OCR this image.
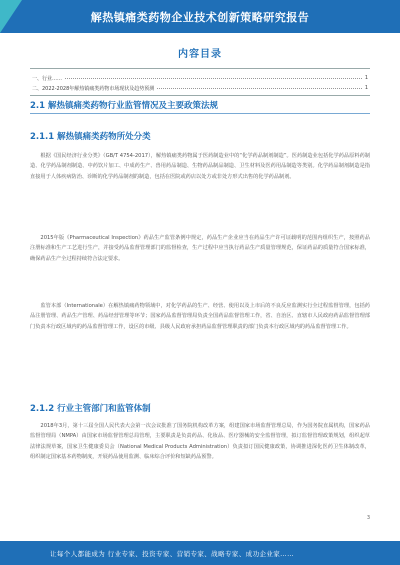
解热镇痛类药物企业技术创新策略研究报告
内容目录
一、行业……	1
二、2022-2028年解热镇痛类药物市场现状及趋势预测	1
2.1 解热镇痛类药物行业监管情况及主要政策法规
2.1.1 解热镇痛类药物所处分类
根据《国民经济行业分类》（GB/T 4754-2017），解热镇痛类药物属于医药制造业中的“化学药品制剂制造”。医药制造业包括化学药品原料药制造、化学药品制剂制造、中药饮片加工、中成药生产、兽用药品制造、生物药品制品制造、卫生材料及医药用品制造等类别。化学药品制剂制造是指直接用于人体疾病防治、诊断的化学药品制剂的制造，包括在医院或药店以处方或非处方形式出售的化学药品制剂。
2015年版《Pharmaceutical Inspection》药品生产监管条例中规定，药品生产企业应当在药品生产许可证载明的范围内组织生产，按照药品注册标准和生产工艺进行生产，并接受药品监督管理部门的监督检查，生产过程中应当执行药品生产质量管理规范，保证药品的质量符合国家标准，确保药品生产全过程持续符合法定要求。
监管本部（Internationale）在解热镇痛药物领域中，对化学药品的生产、经营、使用以及上市后的不良反应监测实行全过程监督管理，包括药品注册管理、药品生产管理、药品经营管理等环节；国家药品监督管理局负责全国药品监督管理工作，省、自治区、直辖市人民政府药品监督管理部门负责本行政区域内的药品监督管理工作，设区的市级、县级人民政府承担药品监督管理职责的部门负责本行政区域内的药品监督管理工作。
2.1.2 行业主管部门和监管体制
2018年3月，第十三届全国人民代表大会第一次会议批准了国务院机构改革方案，组建国家市场监督管理总局，作为国务院直属机构，国家药品监督管理局（NMPA）由国家市场监督管理总局管理，主要职责是负责药品、化妆品、医疗器械的安全监督管理，拟订监督管理政策规划，组织起草法律法规草案，国家卫生健康委员会（National Medical Products Administration）负责拟订国民健康政策，协调推进深化医药卫生体制改革，组织制定国家基本药物制度，开展药品使用监测、临床综合评价和短缺药品预警。
3
让每个人都能成为 行业专家、投资专家、营销专家、战略专家、成功企业家……
